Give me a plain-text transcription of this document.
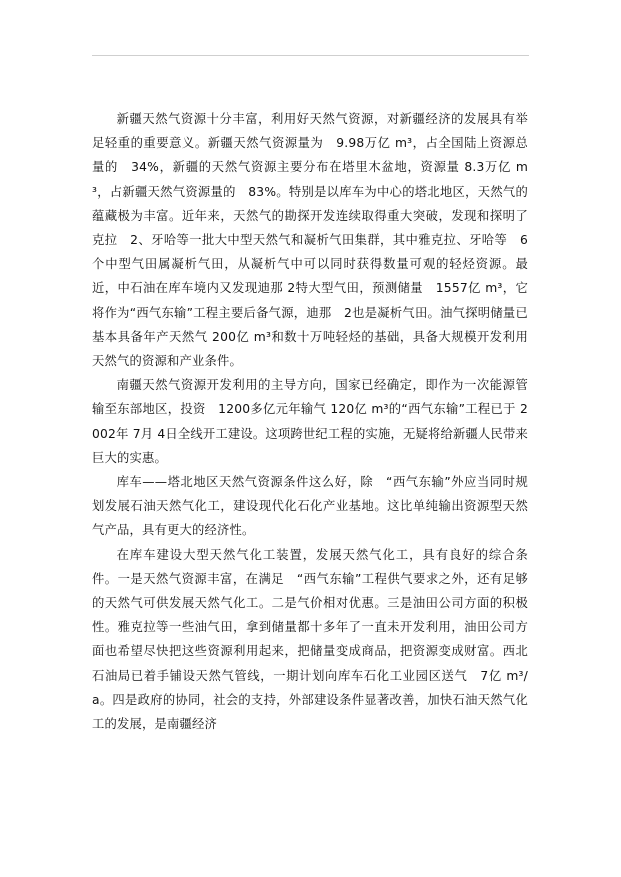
新疆天然气资源十分丰富，利用好天然气资源，对新疆经济的发展具有举足轻重的重要意义。新疆天然气资源量为　9.98万亿 m³，占全国陆上资源总量的　34%，新疆的天然气资源主要分布在塔里木盆地，资源量 8.3万亿 m³，占新疆天然气资源量的　83%。特别是以库车为中心的塔北地区，天然气的蕴藏极为丰富。近年来，天然气的勘探开发连续取得重大突破，发现和探明了克拉　2、牙哈等一批大中型天然气和凝析气田集群，其中雅克拉、牙哈等　6个中型气田属凝析气田，从凝析气中可以同时获得数量可观的轻烃资源。最近，中石油在库车境内又发现迪那 2特大型气田，预测储量　1557亿 m³，它将作为“西气东输”工程主要后备气源，迪那　2也是凝析气田。油气探明储量已基本具备年产天然气 200亿 m³和数十万吨轻烃的基础，具备大规模开发利用天然气的资源和产业条件。

南疆天然气资源开发利用的主导方向，国家已经确定，即作为一次能源管输至东部地区，投资　1200多亿元年输气 120亿 m³的“西气东输”工程已于 2002年 7月 4日全线开工建设。这项跨世纪工程的实施，无疑将给新疆人民带来巨大的实惠。

库车——塔北地区天然气资源条件这么好，除　“西气东输”外应当同时规划发展石油天然气化工，建设现代化石化产业基地。这比单纯输出资源型天然气产品，具有更大的经济性。

在库车建设大型天然气化工装置，发展天然气化工，具有良好的综合条件。一是天然气资源丰富，在满足　“西气东输”工程供气要求之外，还有足够的天然气可供发展天然气化工。二是气价相对优惠。三是油田公司方面的积极性。雅克拉等一些油气田，拿到储量都十多年了一直未开发利用，油田公司方面也希望尽快把这些资源利用起来，把储量变成商品，把资源变成财富。西北石油局已着手铺设天然气管线，一期计划向库车石化工业园区送气　7亿 m³/a。四是政府的协同，社会的支持，外部建设条件显著改善，加快石油天然气化工的发展，是南疆经济
